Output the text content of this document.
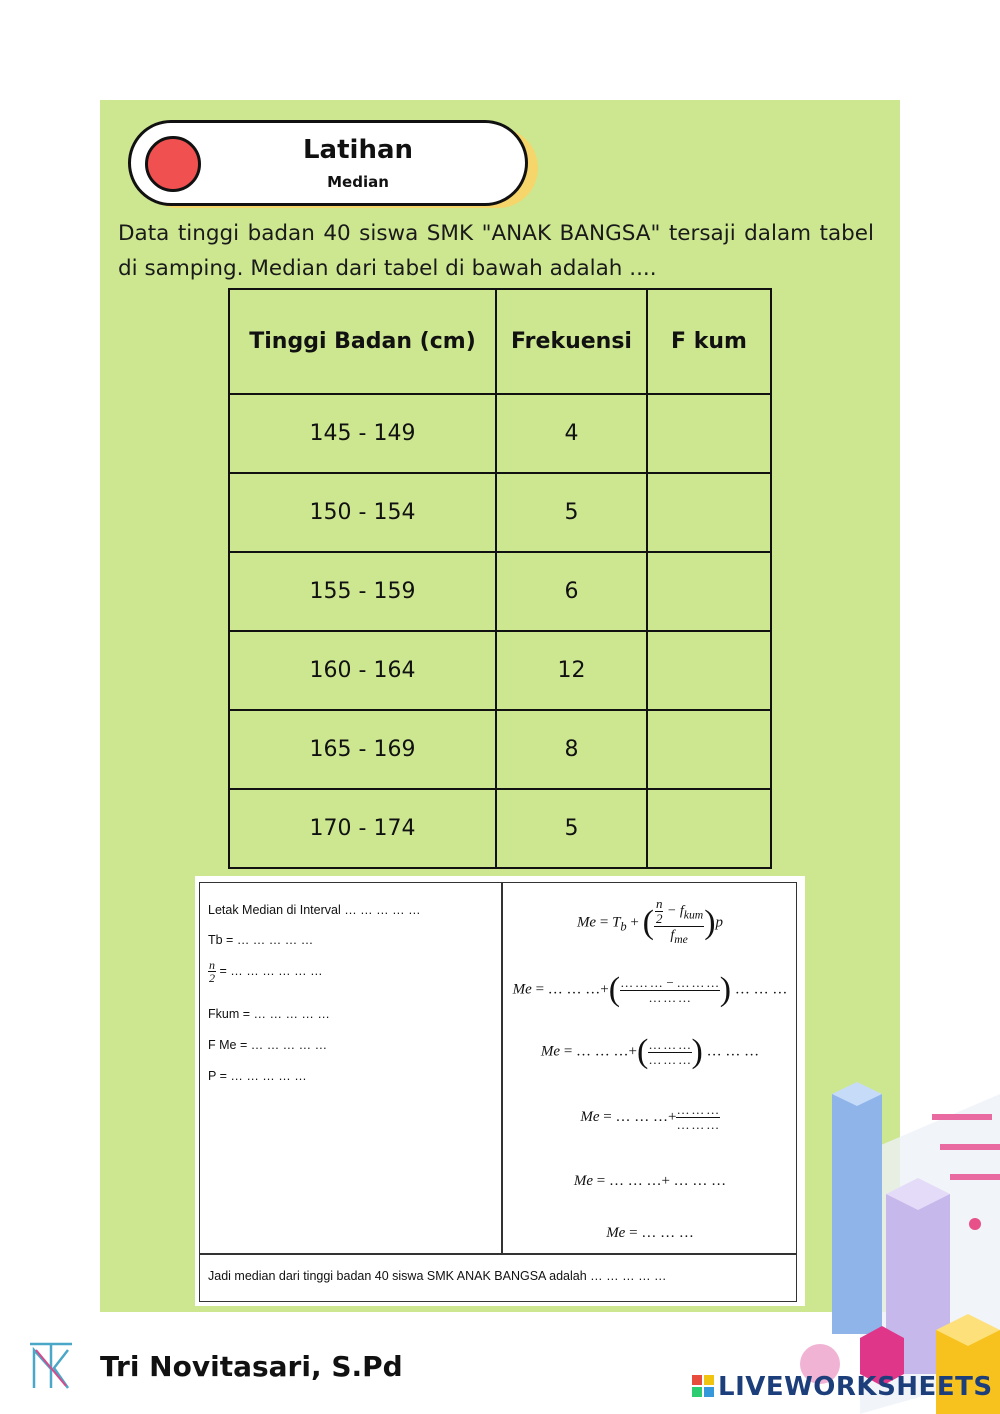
Latihan
Median
Data tinggi badan 40 siswa SMK "ANAK BANGSA" tersaji dalam tabel di samping. Median dari tabel di bawah adalah ....
Tinggi Badan (cm)	Frekuensi	F kum
145 - 149	4	
150 - 154	5	
155 - 159	6	
160 - 164	12	
165 - 169	8	
170 - 174	5	
Letak Median di Interval … … … … …
Tb = … … … … …
$\frac{n}{2}$ = … … … … … …
Fkum = … … … … …
F Me = … … … … …
P = … … … … …
$Me = T_b$ + ( $\frac{\frac{n}{2} - f_{kum}}{f_{me}} )p$
Me = … … …+( $\frac{\dots \dots \dots - \dots \dots \dots}{\dots \dots \dots}$ ) … … …
Me = … … …+( $\frac{\dots \dots \dots}{\dots \dots \dots}$ ) … … …
Me = … … …+ $\frac{\dots \dots \dots}{\dots \dots \dots}$
Me = … … …+ … … …
Me = … … …
Jadi median dari tinggi badan 40 siswa SMK ANAK BANGSA adalah … … … … …
Tri Novitasari, S.Pd
LIVEWORKSHEETS
